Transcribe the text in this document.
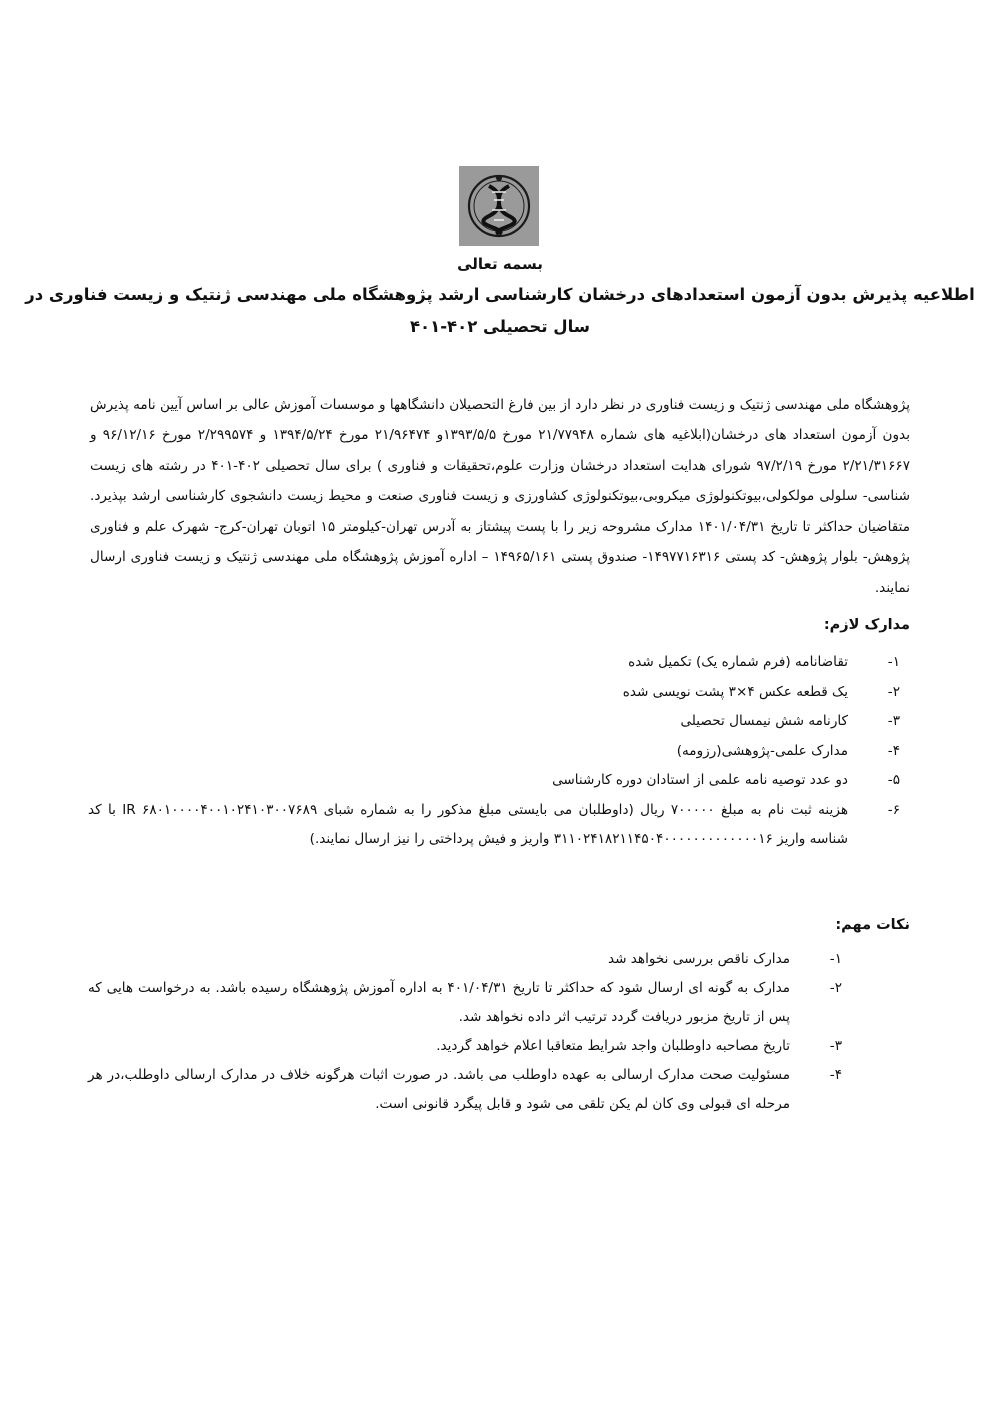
بسمه تعالی
اطلاعیه پذیرش بدون آزمون استعدادهای درخشان کارشناسی ارشد پژوهشگاه ملی مهندسی ژنتیک و زیست فناوری در
سال تحصیلی ۴۰۲-۴۰۱

پژوهشگاه ملی مهندسی ژنتیک و زیست فناوری در نظر دارد از بین فارغ التحصیلان دانشگاهها و موسسات آموزش عالی بر اساس آیین نامه پذیرش بدون آزمون استعداد های درخشان(ابلاغیه های شماره ۲۱/۷۷۹۴۸ مورخ ۱۳۹۳/۵/۵و ۲۱/۹۶۴۷۴ مورخ ۱۳۹۴/۵/۲۴ و ۲/۲۹۹۵۷۴ مورخ ۹۶/۱۲/۱۶ و ۲/۲۱/۳۱۶۶۷ مورخ ۹۷/۲/۱۹ شورای هدایت استعداد درخشان وزارت علوم،تحقیقات و فناوری ) برای سال تحصیلی ۴۰۲-۴۰۱ در رشته های زیست شناسی- سلولی مولکولی،بیوتکنولوژی میکروبی،بیوتکنولوژی کشاورزی و زیست فناوری صنعت و محیط زیست دانشجوی کارشناسی ارشد بپذیرد. متقاضیان حداکثر تا تاریخ ۱۴۰۱/۰۴/۳۱ مدارک مشروحه زیر را با پست پیشتاز به آدرس تهران-کیلومتر ۱۵ اتوبان تهران-کرج- شهرک علم و فناوری پژوهش- بلوار پژوهش- کد پستی ۱۴۹۷۷۱۶۳۱۶- صندوق پستی ۱۴۹۶۵/۱۶۱ – اداره آموزش پژوهشگاه ملی مهندسی ژنتیک و زیست فناوری ارسال نمایند.

مدارک لازم:
۱-
تقاضانامه (فرم شماره یک) تکمیل شده
۲-
یک قطعه عکس ۴×۳ پشت نویسی شده
۳-
کارنامه شش نیمسال تحصیلی
۴-
مدارک علمی-پژوهشی(رزومه)
۵-
دو عدد توصیه نامه علمی از استادان دوره کارشناسی
۶-
هزینه ثبت نام به مبلغ ۷۰۰۰۰۰ ریال (داوطلبان می بایستی مبلغ مذکور را به شماره شبای IR ۶۸۰۱۰۰۰۰۴۰۰۱۰۲۴۱۰۳۰۰۷۶۸۹ با کد شناسه واریز ۳۱۱۰۲۴۱۸۲۱۱۴۵۰۴۰۰۰۰۰۰۰۰۰۰۰۰۰۱۶ واریز و فیش پرداختی را نیز ارسال نمایند.)
نکات مهم:
۱-
مدارک ناقص بررسی نخواهد شد
۲-
مدارک به گونه ای ارسال شود که حداکثر تا تاریخ ۴۰۱/۰۴/۳۱ به اداره آموزش پژوهشگاه رسیده باشد. به درخواست هایی که پس از تاریخ مزبور دریافت گردد ترتیب اثر داده نخواهد شد.
۳-
تاریخ مصاحبه داوطلبان واجد شرایط متعاقبا اعلام خواهد گردید.
۴-
مسئولیت صحت مدارک ارسالی به عهده داوطلب می باشد. در صورت اثبات هرگونه خلاف در مدارک ارسالی داوطلب،در هر مرحله ای قبولی وی کان لم یکن تلقی می شود و قابل پیگرد قانونی است.
